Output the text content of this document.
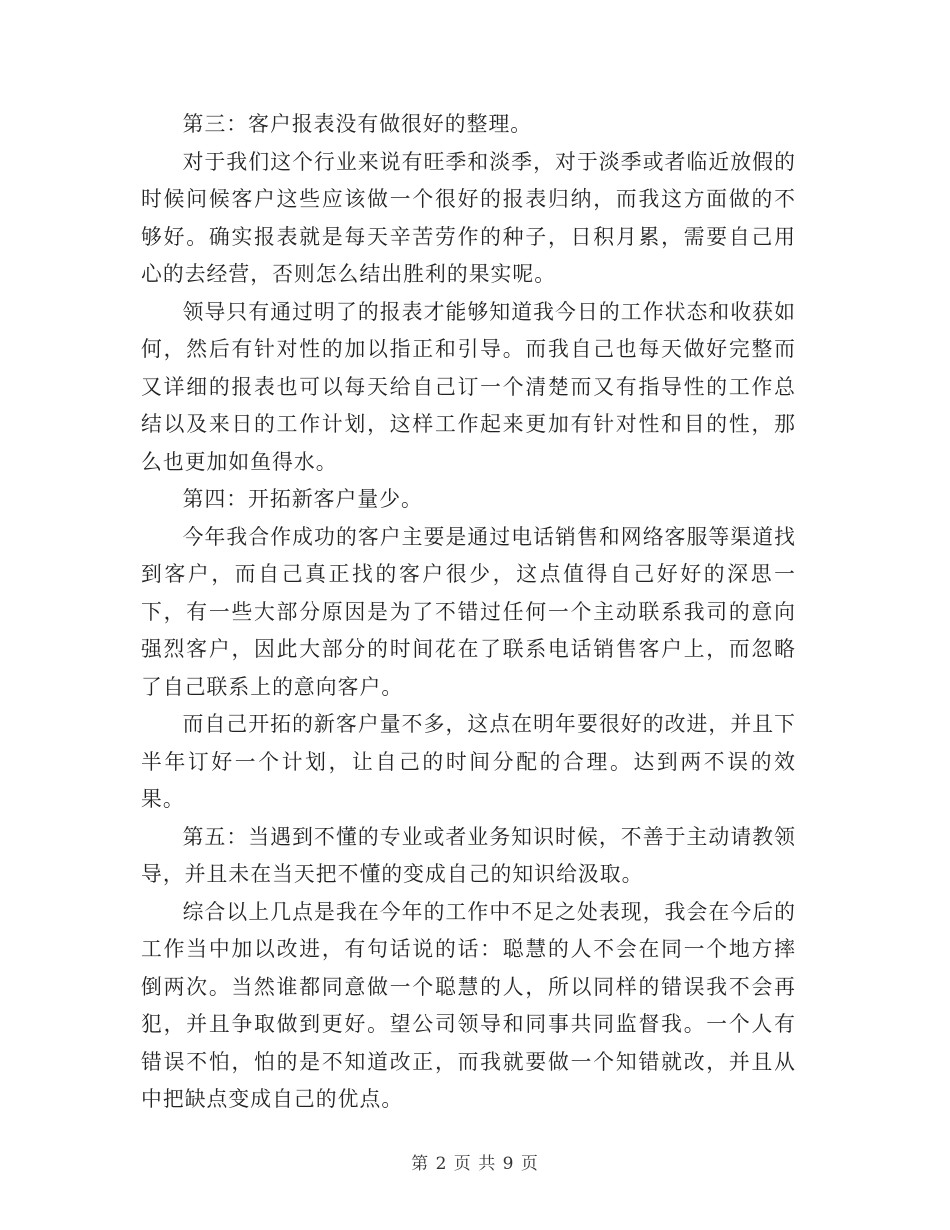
第三：客户报表没有做很好的整理。

对于我们这个行业来说有旺季和淡季，对于淡季或者临近放假的时候问候客户这些应该做一个很好的报表归纳，而我这方面做的不够好。确实报表就是每天辛苦劳作的种子，日积月累，需要自己用心的去经营，否则怎么结出胜利的果实呢。

领导只有通过明了的报表才能够知道我今日的工作状态和收获如何，然后有针对性的加以指正和引导。而我自己也每天做好完整而又详细的报表也可以每天给自己订一个清楚而又有指导性的工作总结以及来日的工作计划，这样工作起来更加有针对性和目的性，那么也更加如鱼得水。

第四：开拓新客户量少。

今年我合作成功的客户主要是通过电话销售和网络客服等渠道找到客户，而自己真正找的客户很少，这点值得自己好好的深思一下，有一些大部分原因是为了不错过任何一个主动联系我司的意向强烈客户，因此大部分的时间花在了联系电话销售客户上，而忽略了自己联系上的意向客户。

而自己开拓的新客户量不多，这点在明年要很好的改进，并且下半年订好一个计划，让自己的时间分配的合理。达到两不误的效果。

第五：当遇到不懂的专业或者业务知识时候，不善于主动请教领导，并且未在当天把不懂的变成自己的知识给汲取。

综合以上几点是我在今年的工作中不足之处表现，我会在今后的工作当中加以改进，有句话说的话：聪慧的人不会在同一个地方摔倒两次。当然谁都同意做一个聪慧的人，所以同样的错误我不会再犯，并且争取做到更好。望公司领导和同事共同监督我。一个人有错误不怕，怕的是不知道改正，而我就要做一个知错就改，并且从中把缺点变成自己的优点。

第 2 页 共 9 页
